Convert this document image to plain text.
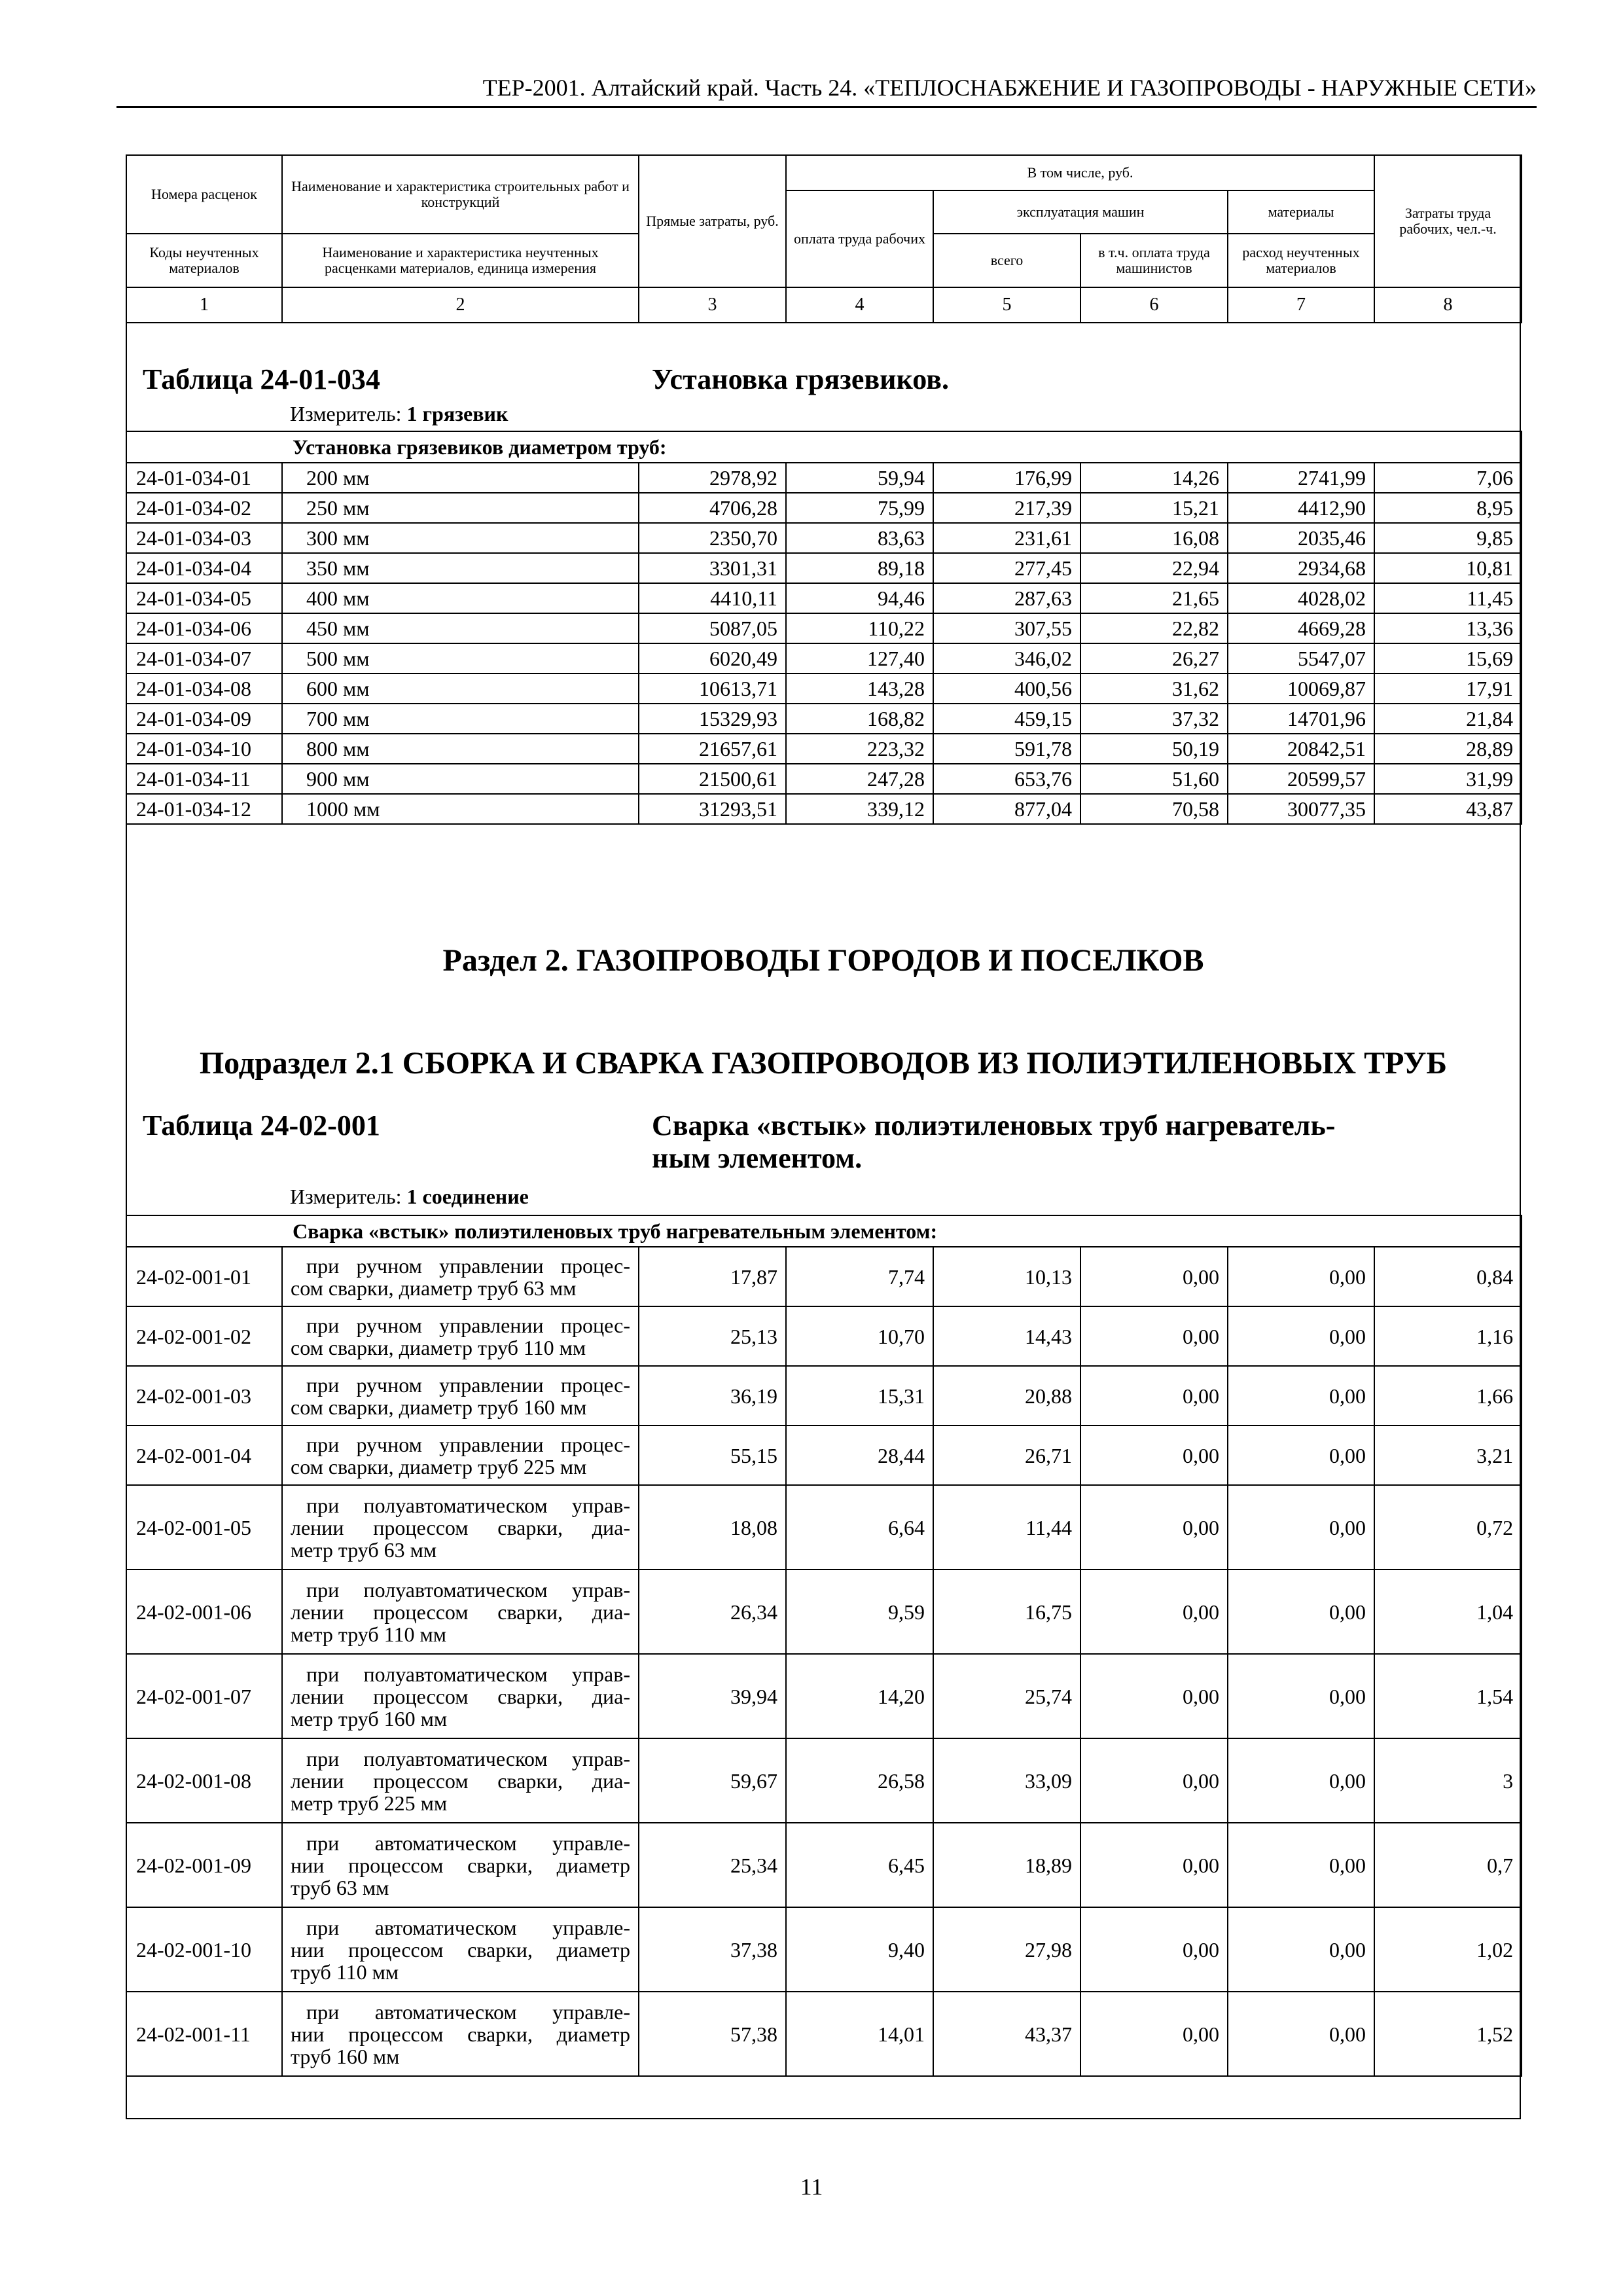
ТЕР-2001. Алтайский край. Часть 24. «ТЕПЛОСНАБЖЕНИЕ И ГАЗОПРОВОДЫ - НАРУЖНЫЕ СЕТИ»
Номера расценок	Наименование и характеристика строительных работ и конструкций	Прямые затраты, руб.	В том числе, руб.				Затраты труда рабочих, чел.-ч.
			оплата труда рабочих	эксплуатация машин		материалы	
Коды неучтенных материалов	Наименование и характеристика неучтенных расценками материалов, единица измерения			всего	в т.ч. оплата труда машинистов	расход неучтенных материалов	
1	2	3	4	5	6	7	8
Таблица 24-01-034	Установка грязевиков.
Измеритель: 1 грязевик
Установка грязевиков диаметром труб:							
24-01-034-01	200 мм	2978,92	59,94	176,99	14,26	2741,99	7,06
24-01-034-02	250 мм	4706,28	75,99	217,39	15,21	4412,90	8,95
24-01-034-03	300 мм	2350,70	83,63	231,61	16,08	2035,46	9,85
24-01-034-04	350 мм	3301,31	89,18	277,45	22,94	2934,68	10,81
24-01-034-05	400 мм	4410,11	94,46	287,63	21,65	4028,02	11,45
24-01-034-06	450 мм	5087,05	110,22	307,55	22,82	4669,28	13,36
24-01-034-07	500 мм	6020,49	127,40	346,02	26,27	5547,07	15,69
24-01-034-08	600 мм	10613,71	143,28	400,56	31,62	10069,87	17,91
24-01-034-09	700 мм	15329,93	168,82	459,15	37,32	14701,96	21,84
24-01-034-10	800 мм	21657,61	223,32	591,78	50,19	20842,51	28,89
24-01-034-11	900 мм	21500,61	247,28	653,76	51,60	20599,57	31,99
24-01-034-12	1000 мм	31293,51	339,12	877,04	70,58	30077,35	43,87
Раздел 2. ГАЗОПРОВОДЫ ГОРОДОВ И ПОСЕЛКОВ
Подраздел 2.1 СБОРКА И СВАРКА ГАЗОПРОВОДОВ ИЗ ПОЛИЭТИЛЕНОВЫХ ТРУБ
Таблица 24-02-001	Сварка «встык» полиэтиленовых труб нагреватель-
ным элементом.
Измеритель: 1 соединение
Сварка «встык» полиэтиленовых труб нагревательным элементом:							
24-02-001-01	при ручном управлении процес-
сом сварки, диаметр труб 63 мм	17,87	7,74	10,13	0,00	0,00	0,84
24-02-001-02	при ручном управлении процес-
сом сварки, диаметр труб 110 мм	25,13	10,70	14,43	0,00	0,00	1,16
24-02-001-03	при ручном управлении процес-
сом сварки, диаметр труб 160 мм	36,19	15,31	20,88	0,00	0,00	1,66
24-02-001-04	при ручном управлении процес-
сом сварки, диаметр труб 225 мм	55,15	28,44	26,71	0,00	0,00	3,21
24-02-001-05	при полуавтоматическом управ-
лении процессом сварки, диа-
метр труб 63 мм	18,08	6,64	11,44	0,00	0,00	0,72
24-02-001-06	при полуавтоматическом управ-
лении процессом сварки, диа-
метр труб 110 мм	26,34	9,59	16,75	0,00	0,00	1,04
24-02-001-07	при полуавтоматическом управ-
лении процессом сварки, диа-
метр труб 160 мм	39,94	14,20	25,74	0,00	0,00	1,54
24-02-001-08	при полуавтоматическом управ-
лении процессом сварки, диа-
метр труб 225 мм	59,67	26,58	33,09	0,00	0,00	3
24-02-001-09	при автоматическом управле-
нии процессом сварки, диаметр
труб 63 мм	25,34	6,45	18,89	0,00	0,00	0,7
24-02-001-10	при автоматическом управле-
нии процессом сварки, диаметр
труб 110 мм	37,38	9,40	27,98	0,00	0,00	1,02
24-02-001-11	при автоматическом управле-
нии процессом сварки, диаметр
труб 160 мм	57,38	14,01	43,37	0,00	0,00	1,52
11
